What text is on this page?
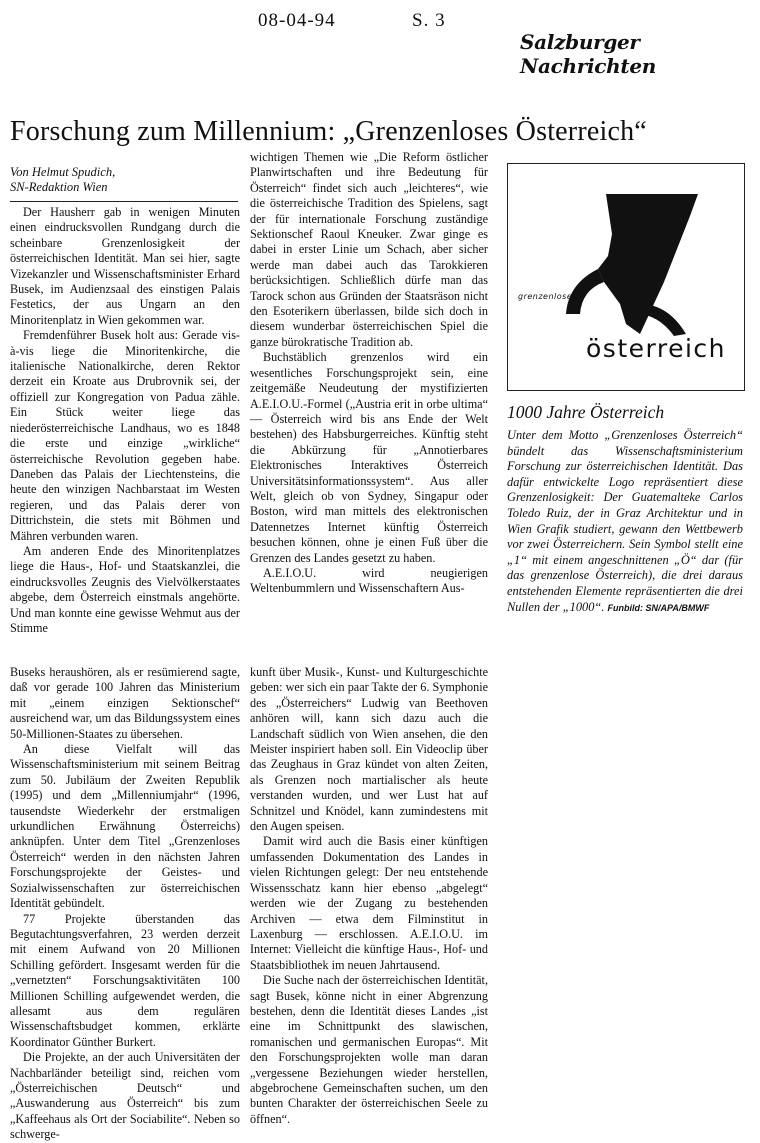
08-04-94	S. 3
Salzburger Nachrichten
Forschung zum Millennium: „Grenzenloses Österreich“
Von Helmut Spudich,
SN-Redaktion Wien

Der Hausherr gab in wenigen Minuten einen eindrucksvollen Rundgang durch die scheinbare Grenzenlosigkeit der österreichischen Identität. Man sei hier, sagte Vizekanzler und Wissenschaftsminister Erhard Busek, im Audienzsaal des einstigen Palais Festetics, der aus Ungarn an den Minoritenplatz in Wien gekommen war.

Fremdenführer Busek holt aus: Gerade vis-à-vis liege die Minoritenkirche, die italienische Nationalkirche, deren Rektor derzeit ein Kroate aus Drubrovnik sei, der offiziell zur Kongregation von Padua zähle. Ein Stück weiter liege das niederösterreichische Landhaus, wo es 1848 die erste und einzige „wirkliche“ österreichische Revolution gegeben habe. Daneben das Palais der Liechtensteins, die heute den winzigen Nachbarstaat im Westen regieren, und das Palais derer von Dittrichstein, die stets mit Böhmen und Mähren verbunden waren.

Am anderen Ende des Minoritenplatzes liege die Haus-, Hof- und Staatskanzlei, die eindrucksvolles Zeugnis des Vielvölkerstaates abgebe, dem Österreich einstmals angehörte. Und man konnte eine gewisse Wehmut aus der Stimme

wichtigen Themen wie „Die Reform östlicher Planwirtschaften und ihre Bedeutung für Österreich“ findet sich auch „leichteres“, wie die österreichische Tradition des Spielens, sagt der für internationale Forschung zuständige Sektionschef Raoul Kneuker. Zwar ginge es dabei in erster Linie um Schach, aber sicher werde man dabei auch das Tarokkieren berücksichtigen. Schließlich dürfe man das Tarock schon aus Gründen der Staatsräson nicht den Esoterikern überlassen, bilde sich doch in diesem wunderbar österreichischen Spiel die ganze bürokratische Tradition ab.

Buchstäblich grenzenlos wird ein wesentliches Forschungsprojekt sein, eine zeitgemäße Neudeutung der mystifizierten A.E.I.O.U.-Formel („Austria erit in orbe ultima“ — Österreich wird bis ans Ende der Welt bestehen) des Habsburgerreiches. Künftig steht die Abkürzung für „Annotierbares Elektronisches Interaktives Österreich Universitätsinformationssystem“. Aus aller Welt, gleich ob von Sydney, Singapur oder Boston, wird man mittels des elektronischen Datennetzes Internet künftig Österreich besuchen können, ohne je einen Fuß über die Grenzen des Landes gesetzt zu haben.

A.E.I.O.U. wird neugierigen Weltenbummlern und Wissenschaftern Aus-

Buseks heraushören, als er resümierend sagte, daß vor gerade 100 Jahren das Ministerium mit „einem einzigen Sektionschef“ ausreichend war, um das Bildungssystem eines 50-Millionen-Staates zu übersehen.

An diese Vielfalt will das Wissenschaftsministerium mit seinem Beitrag zum 50. Jubiläum der Zweiten Republik (1995) und dem „Millenniumjahr“ (1996, tausendste Wiederkehr der erstmaligen urkundlichen Erwähnung Österreichs) anknüpfen. Unter dem Titel „Grenzenloses Österreich“ werden in den nächsten Jahren Forschungsprojekte der Geistes- und Sozialwissenschaften zur österreichischen Identität gebündelt.

77 Projekte überstanden das Begutachtungsverfahren, 23 werden derzeit mit einem Aufwand von 20 Millionen Schilling gefördert. Insgesamt werden für die „vernetzten“ Forschungsaktivitäten 100 Millionen Schilling aufgewendet werden, die allesamt aus dem regulären Wissenschaftsbudget kommen, erklärte Koordinator Günther Burkert.

Die Projekte, an der auch Universitäten der Nachbarländer beteiligt sind, reichen vom „Österreichischen Deutsch“ und „Auswanderung aus Österreich“ bis zum „Kaffeehaus als Ort der Sociabilite“. Neben so schwerge-

kunft über Musik-, Kunst- und Kulturgeschichte geben: wer sich ein paar Takte der 6. Symphonie des „Österreichers“ Ludwig van Beethoven anhören will, kann sich dazu auch die Landschaft südlich von Wien ansehen, die den Meister inspiriert haben soll. Ein Videoclip über das Zeughaus in Graz kündet von alten Zeiten, als Grenzen noch martialischer als heute verstanden wurden, und wer Lust hat auf Schnitzel und Knödel, kann zumindestens mit den Augen speisen.

Damit wird auch die Basis einer künftigen umfassenden Dokumentation des Landes in vielen Richtungen gelegt: Der neu entstehende Wissensschatz kann hier ebenso „abgelegt“ werden wie der Zugang zu bestehenden Archiven — etwa dem Filminstitut in Laxenburg — erschlossen. A.E.I.O.U. im Internet: Vielleicht die künftige Haus-, Hof- und Staatsbibliothek im neuen Jahrtausend.

Die Suche nach der österreichischen Identität, sagt Busek, könne nicht in einer Abgrenzung bestehen, denn die Identität dieses Landes „ist eine im Schnittpunkt des slawischen, romanischen und germanischen Europas“. Mit den Forschungsprojekten wolle man daran „vergessene Beziehungen wieder herstellen, abgebrochene Gemeinschaften suchen, um den bunten Charakter der österreichischen Seele zu öffnen“.

grenzenloses
österreich
1000 Jahre Österreich
Unter dem Motto „Grenzenloses Österreich“ bündelt das Wissenschaftsministerium Forschung zur österreichischen Identität. Das dafür entwickelte Logo repräsentiert diese Grenzenlosigkeit: Der Guatemalteke Carlos Toledo Ruiz, der in Graz Architektur und in Wien Grafik studiert, gewann den Wettbewerb vor zwei Österreichern. Sein Symbol stellt eine „1“ mit einem angeschnittenen „Ö“ dar (für das grenzenlose Österreich), die drei daraus entstehenden Elemente repräsentierten die drei Nullen der „1000“. Funbild: SN/APA/BMWF
